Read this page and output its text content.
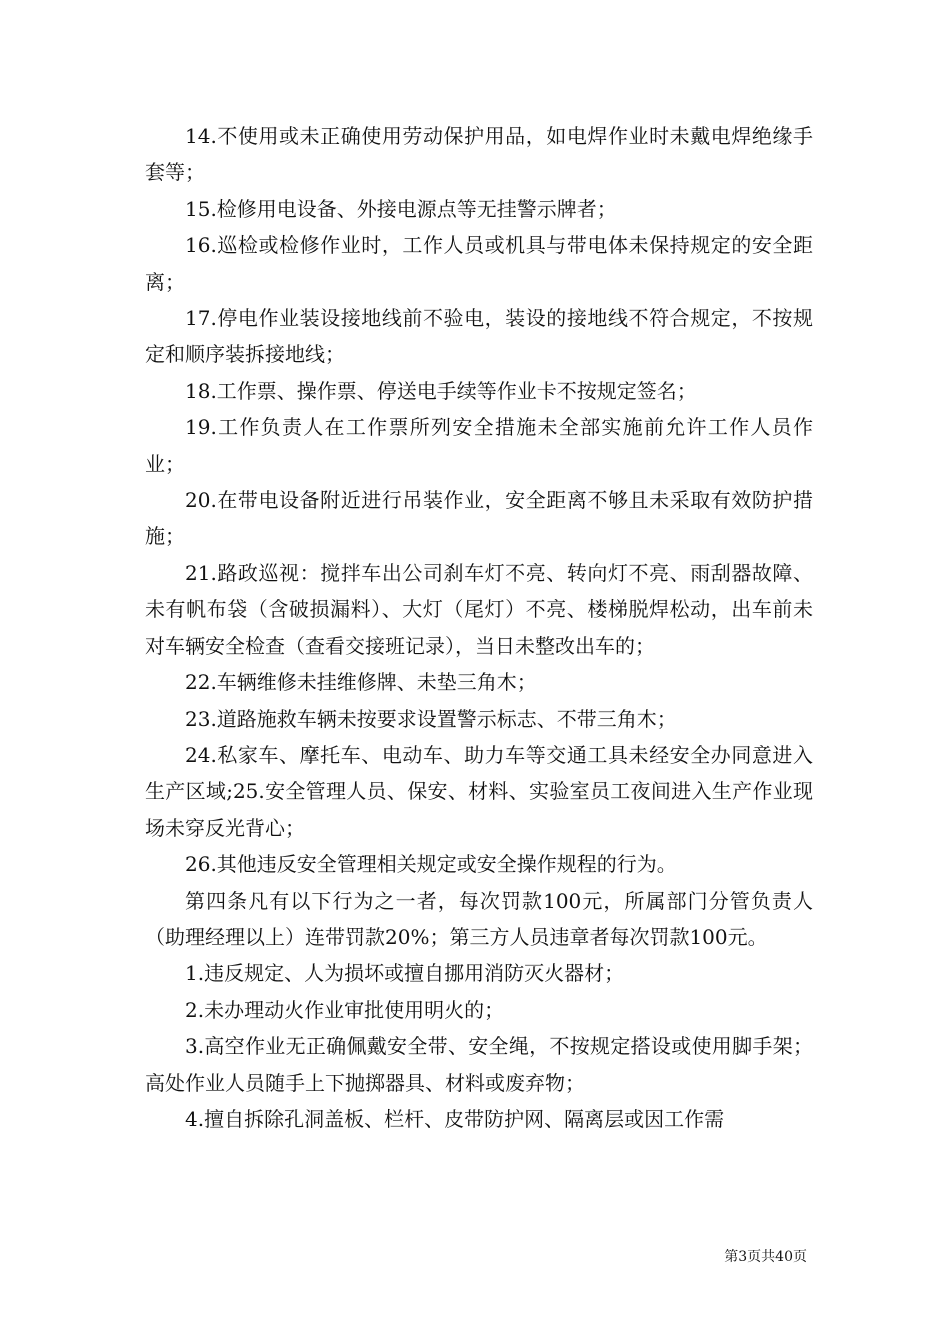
14.不使用或未正确使用劳动保护用品，如电焊作业时未戴电焊绝缘手套等；

15.检修用电设备、外接电源点等无挂警示牌者；

16.巡检或检修作业时，工作人员或机具与带电体未保持规定的安全距离；

17.停电作业装设接地线前不验电，装设的接地线不符合规定，不按规定和顺序装拆接地线；

18.工作票、操作票、停送电手续等作业卡不按规定签名；

19.工作负责人在工作票所列安全措施未全部实施前允许工作人员作业；

20.在带电设备附近进行吊装作业，安全距离不够且未采取有效防护措施；

21.路政巡视：搅拌车出公司刹车灯不亮、转向灯不亮、雨刮器故障、未有帆布袋（含破损漏料）、大灯（尾灯）不亮、楼梯脱焊松动，出车前未对车辆安全检查（查看交接班记录），当日未整改出车的；

22.车辆维修未挂维修牌、未垫三角木；

23.道路施救车辆未按要求设置警示标志、不带三角木；

24.私家车、摩托车、电动车、助力车等交通工具未经安全办同意进入生产区域;25.安全管理人员、保安、材料、实验室员工夜间进入生产作业现场未穿反光背心；

26.其他违反安全管理相关规定或安全操作规程的行为。

第四条凡有以下行为之一者，每次罚款100元，所属部门分管负责人（助理经理以上）连带罚款20%；第三方人员违章者每次罚款100元。

1.违反规定、人为损坏或擅自挪用消防灭火器材；

2.未办理动火作业审批使用明火的；

3.高空作业无正确佩戴安全带、安全绳，不按规定搭设或使用脚手架；高处作业人员随手上下抛掷器具、材料或废弃物；

4.擅自拆除孔洞盖板、栏杆、皮带防护网、隔离层或因工作需

第3页共40页
